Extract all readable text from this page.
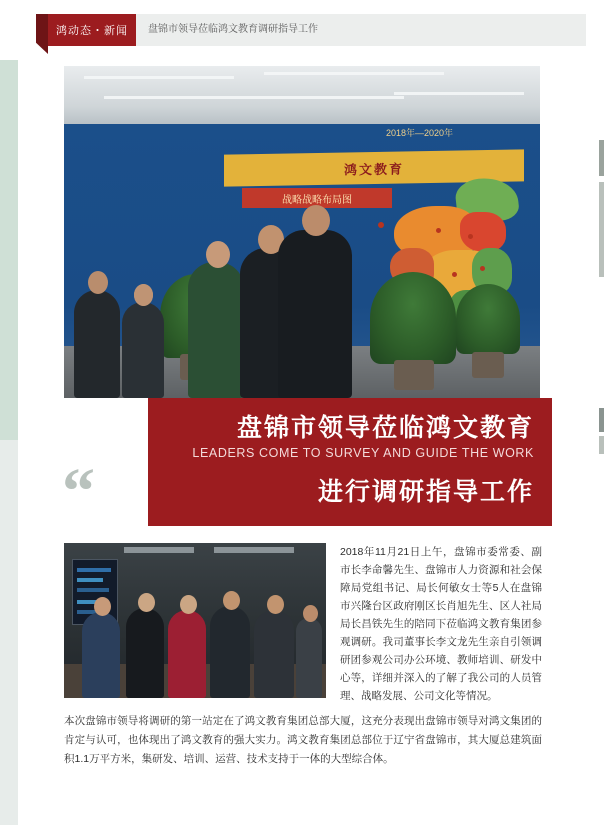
鸿动态・新闻	盘锦市领导莅临鸿文教育调研指导工作
鸿文教育
战略战略布局图
2018年—2020年
盘锦市领导莅临鸿文教育
LEADERS COME TO SURVEY AND GUIDE THE WORK
进行调研指导工作
“
2018年11月21日上午，盘锦市委常委、副市长李命馨先生、盘锦市人力资源和社会保障局党组书记、局长何敏女士等5人在盘锦市兴隆台区政府刚区长肖旭先生、区人社局局长昌铁先生的陪同下莅临鸿文教育集团参观调研。我司董事长李文龙先生亲自引领调研团参观公司办公环境、教师培训、研发中心等，详细并深入的了解了我公司的人员管理、战略发展、公司文化等情况。
本次盘锦市领导将调研的第一站定在了鸿文教育集团总部大厦，这充分表现出盘锦市领导对鸿文集团的肯定与认可，也体现出了鸿文教育的强大实力。鸿文教育集团总部位于辽宁省盘锦市，其大厦总建筑面积1.1万平方米，集研发、培训、运营、技术支持于一体的大型综合体。
